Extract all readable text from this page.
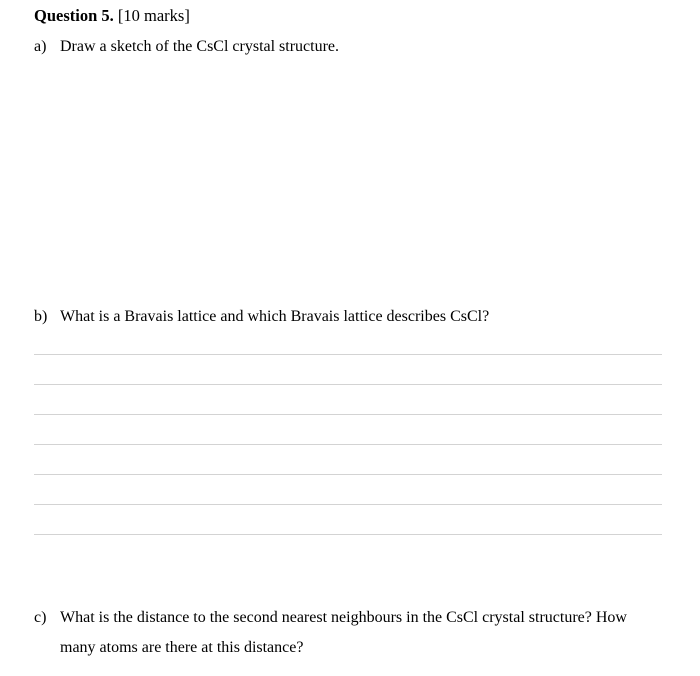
Question 5. [10 marks]
a) Draw a sketch of the CsCl crystal structure.
b) What is a Bravais lattice and which Bravais lattice describes CsCl?
c) What is the distance to the second nearest neighbours in the CsCl crystal structure? How
many atoms are there at this distance?
